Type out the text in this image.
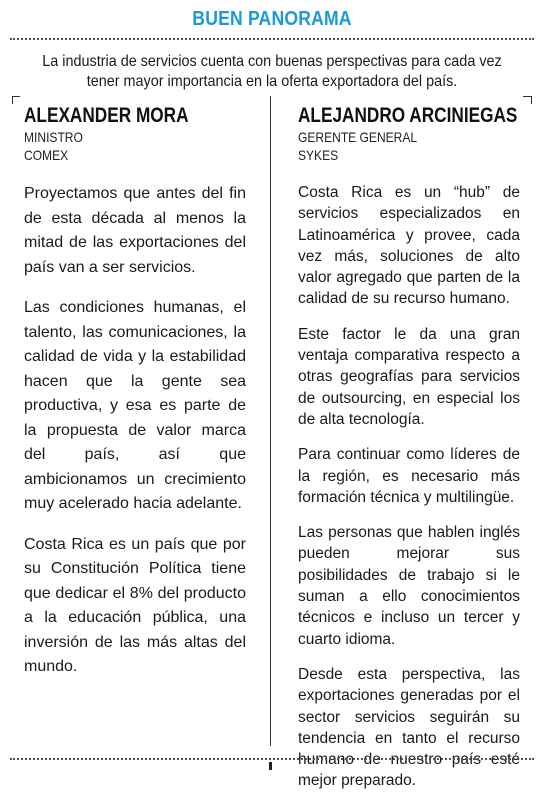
BUEN PANORAMA
La industria de servicios cuenta con buenas perspectivas para cada vez tener mayor importancia en la oferta exportadora del país.
ALEXANDER MORA
MINISTRO
COMEX

Proyectamos que antes del fin de esta década al menos la mitad de las exportaciones del país van a ser servicios.

Las condiciones humanas, el talento, las comunicaciones, la calidad de vida y la estabilidad hacen que la gente sea productiva, y esa es parte de la propuesta de valor marca del país, así que ambicionamos un crecimiento muy acelerado hacia adelante.

Costa Rica es un país que por su Constitución Política tiene que dedicar el 8% del producto a la educación pública, una inversión de las más altas del mundo.

ALEJANDRO ARCINIEGAS
GERENTE GENERAL
SYKES

Costa Rica es un “hub” de servicios especializados en Latinoamérica y provee, cada vez más, soluciones de alto valor agregado que parten de la calidad de su recurso humano.

Este factor le da una gran ventaja comparativa respecto a otras geografías para servicios de outsourcing, en especial los de alta tecnología.

Para continuar como líderes de la región, es necesario más formación técnica y multilingüe.

Las personas que hablen inglés pueden mejorar sus posibilidades de trabajo si le suman a ello conocimientos técnicos e incluso un tercer y cuarto idioma.

Desde esta perspectiva, las exportaciones generadas por el sector servicios seguirán su tendencia en tanto el recurso humano de nuestro país esté mejor preparado.
